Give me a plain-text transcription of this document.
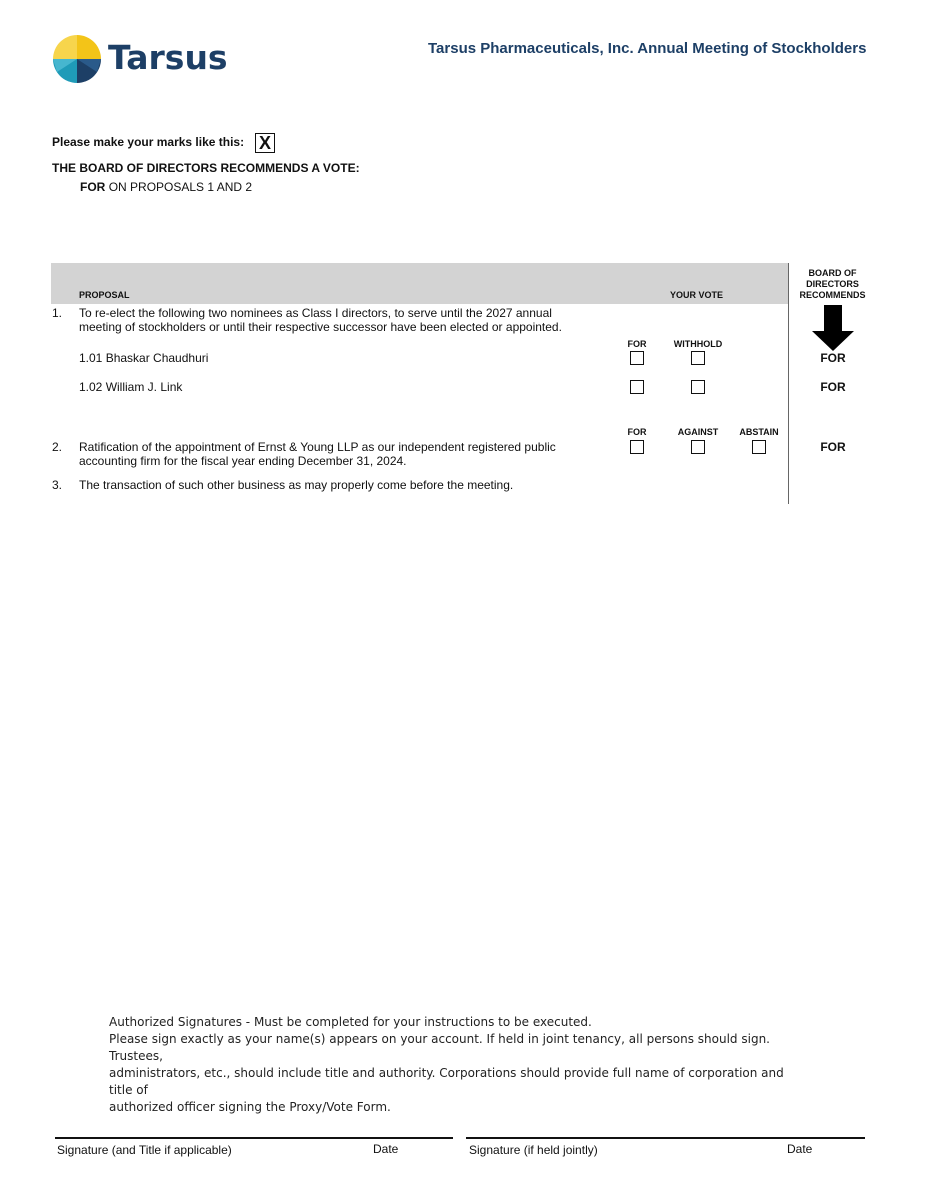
Tarsus	Tarsus Pharmaceuticals, Inc. Annual Meeting of Stockholders
Please make your marks like this: X
THE BOARD OF DIRECTORS RECOMMENDS A VOTE:
FOR ON PROPOSALS 1 AND 2
PROPOSAL	YOUR VOTE
BOARD OF
DIRECTORS
RECOMMENDS
1. To re-elect the following two nominees as Class I directors, to serve until the 2027 annual
meeting of stockholders or until their respective successor have been elected or appointed.
FOR	WITHHOLD
1.01 Bhaskar Chaudhuri	FOR
1.02 William J. Link	FOR
FOR	AGAINST	ABSTAIN
2. Ratification of the appointment of Ernst & Young LLP as our independent registered public
accounting firm for the fiscal year ending December 31, 2024.
FOR
3. The transaction of such other business as may properly come before the meeting.
Authorized Signatures - Must be completed for your instructions to be executed.
Please sign exactly as your name(s) appears on your account. If held in joint tenancy, all persons should sign. Trustees,
administrators, etc., should include title and authority. Corporations should provide full name of corporation and title of
authorized officer signing the Proxy/Vote Form.
Signature (and Title if applicable)	Date	Signature (if held jointly)	Date
